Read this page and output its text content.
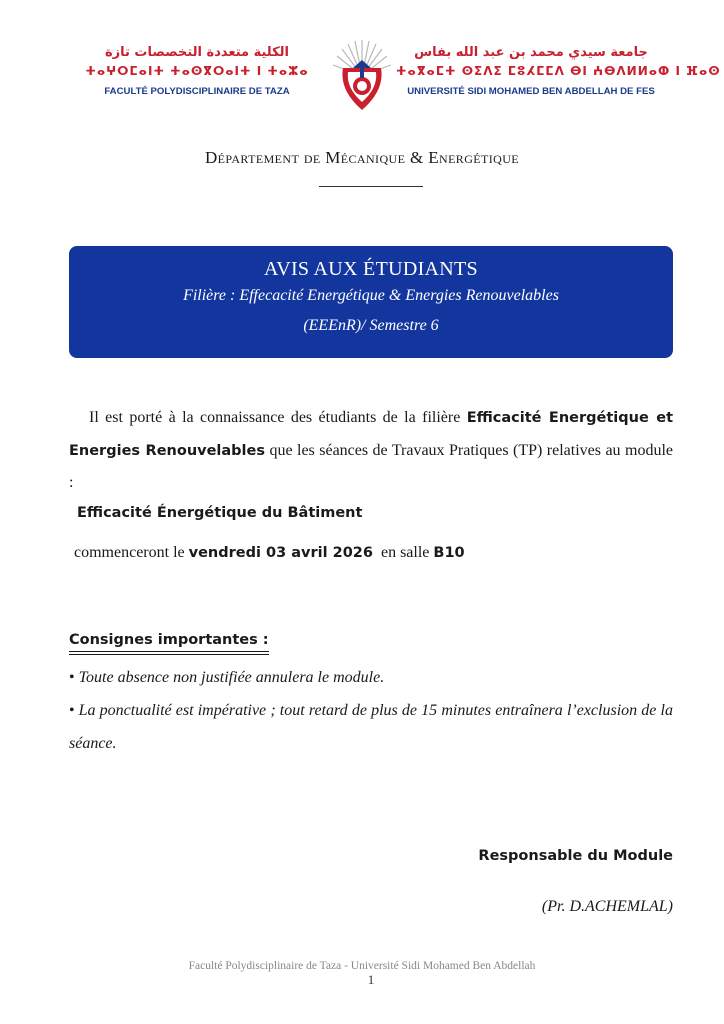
الكلية متعددة التخصصات تازة
ⵜⴰⵖⵔⵎⴰⵏⵜ ⵜⴰⵙⴳⵔⴰⵏⵜ ⵏ ⵜⴰⵣⴰ
FACULTÉ POLYDISCIPLINAIRE DE TAZA
جامعة سيدي محمد بن عبد الله بفاس
ⵜⴰⴳⴰⵎⵜ ⵙⵉⴷⵉ ⵎⵓⵃⵎⵎⴷ ⴱⵏ ⵄⴱⴷⵍⵍⴰⵀ ⵏ ⴼⴰⵙ
UNIVERSITÉ SIDI MOHAMED BEN ABDELLAH DE FES
Département de Mécanique & Energétique
AVIS AUX ÉTUDIANTS
Filière : Effecacité Energétique & Energies Renouvelables
(EEEnR)/ Semestre 6
Il est porté à la connaissance des étudiants de la filière Efficacité Energétique et Energies Renouvelables que les séances de Travaux Pratiques (TP) relatives au module :
Efficacité Énergétique du Bâtiment
commenceront le vendredi 03 avril 2026  en salle B10
Consignes importantes :
• Toute absence non justifiée annulera le module.
• La ponctualité est impérative ; tout retard de plus de 15 minutes entraînera l’exclusion de la séance.
Responsable du Module
(Pr. D.ACHEMLAL)
Faculté Polydisciplinaire de Taza - Université Sidi Mohamed Ben Abdellah
1
